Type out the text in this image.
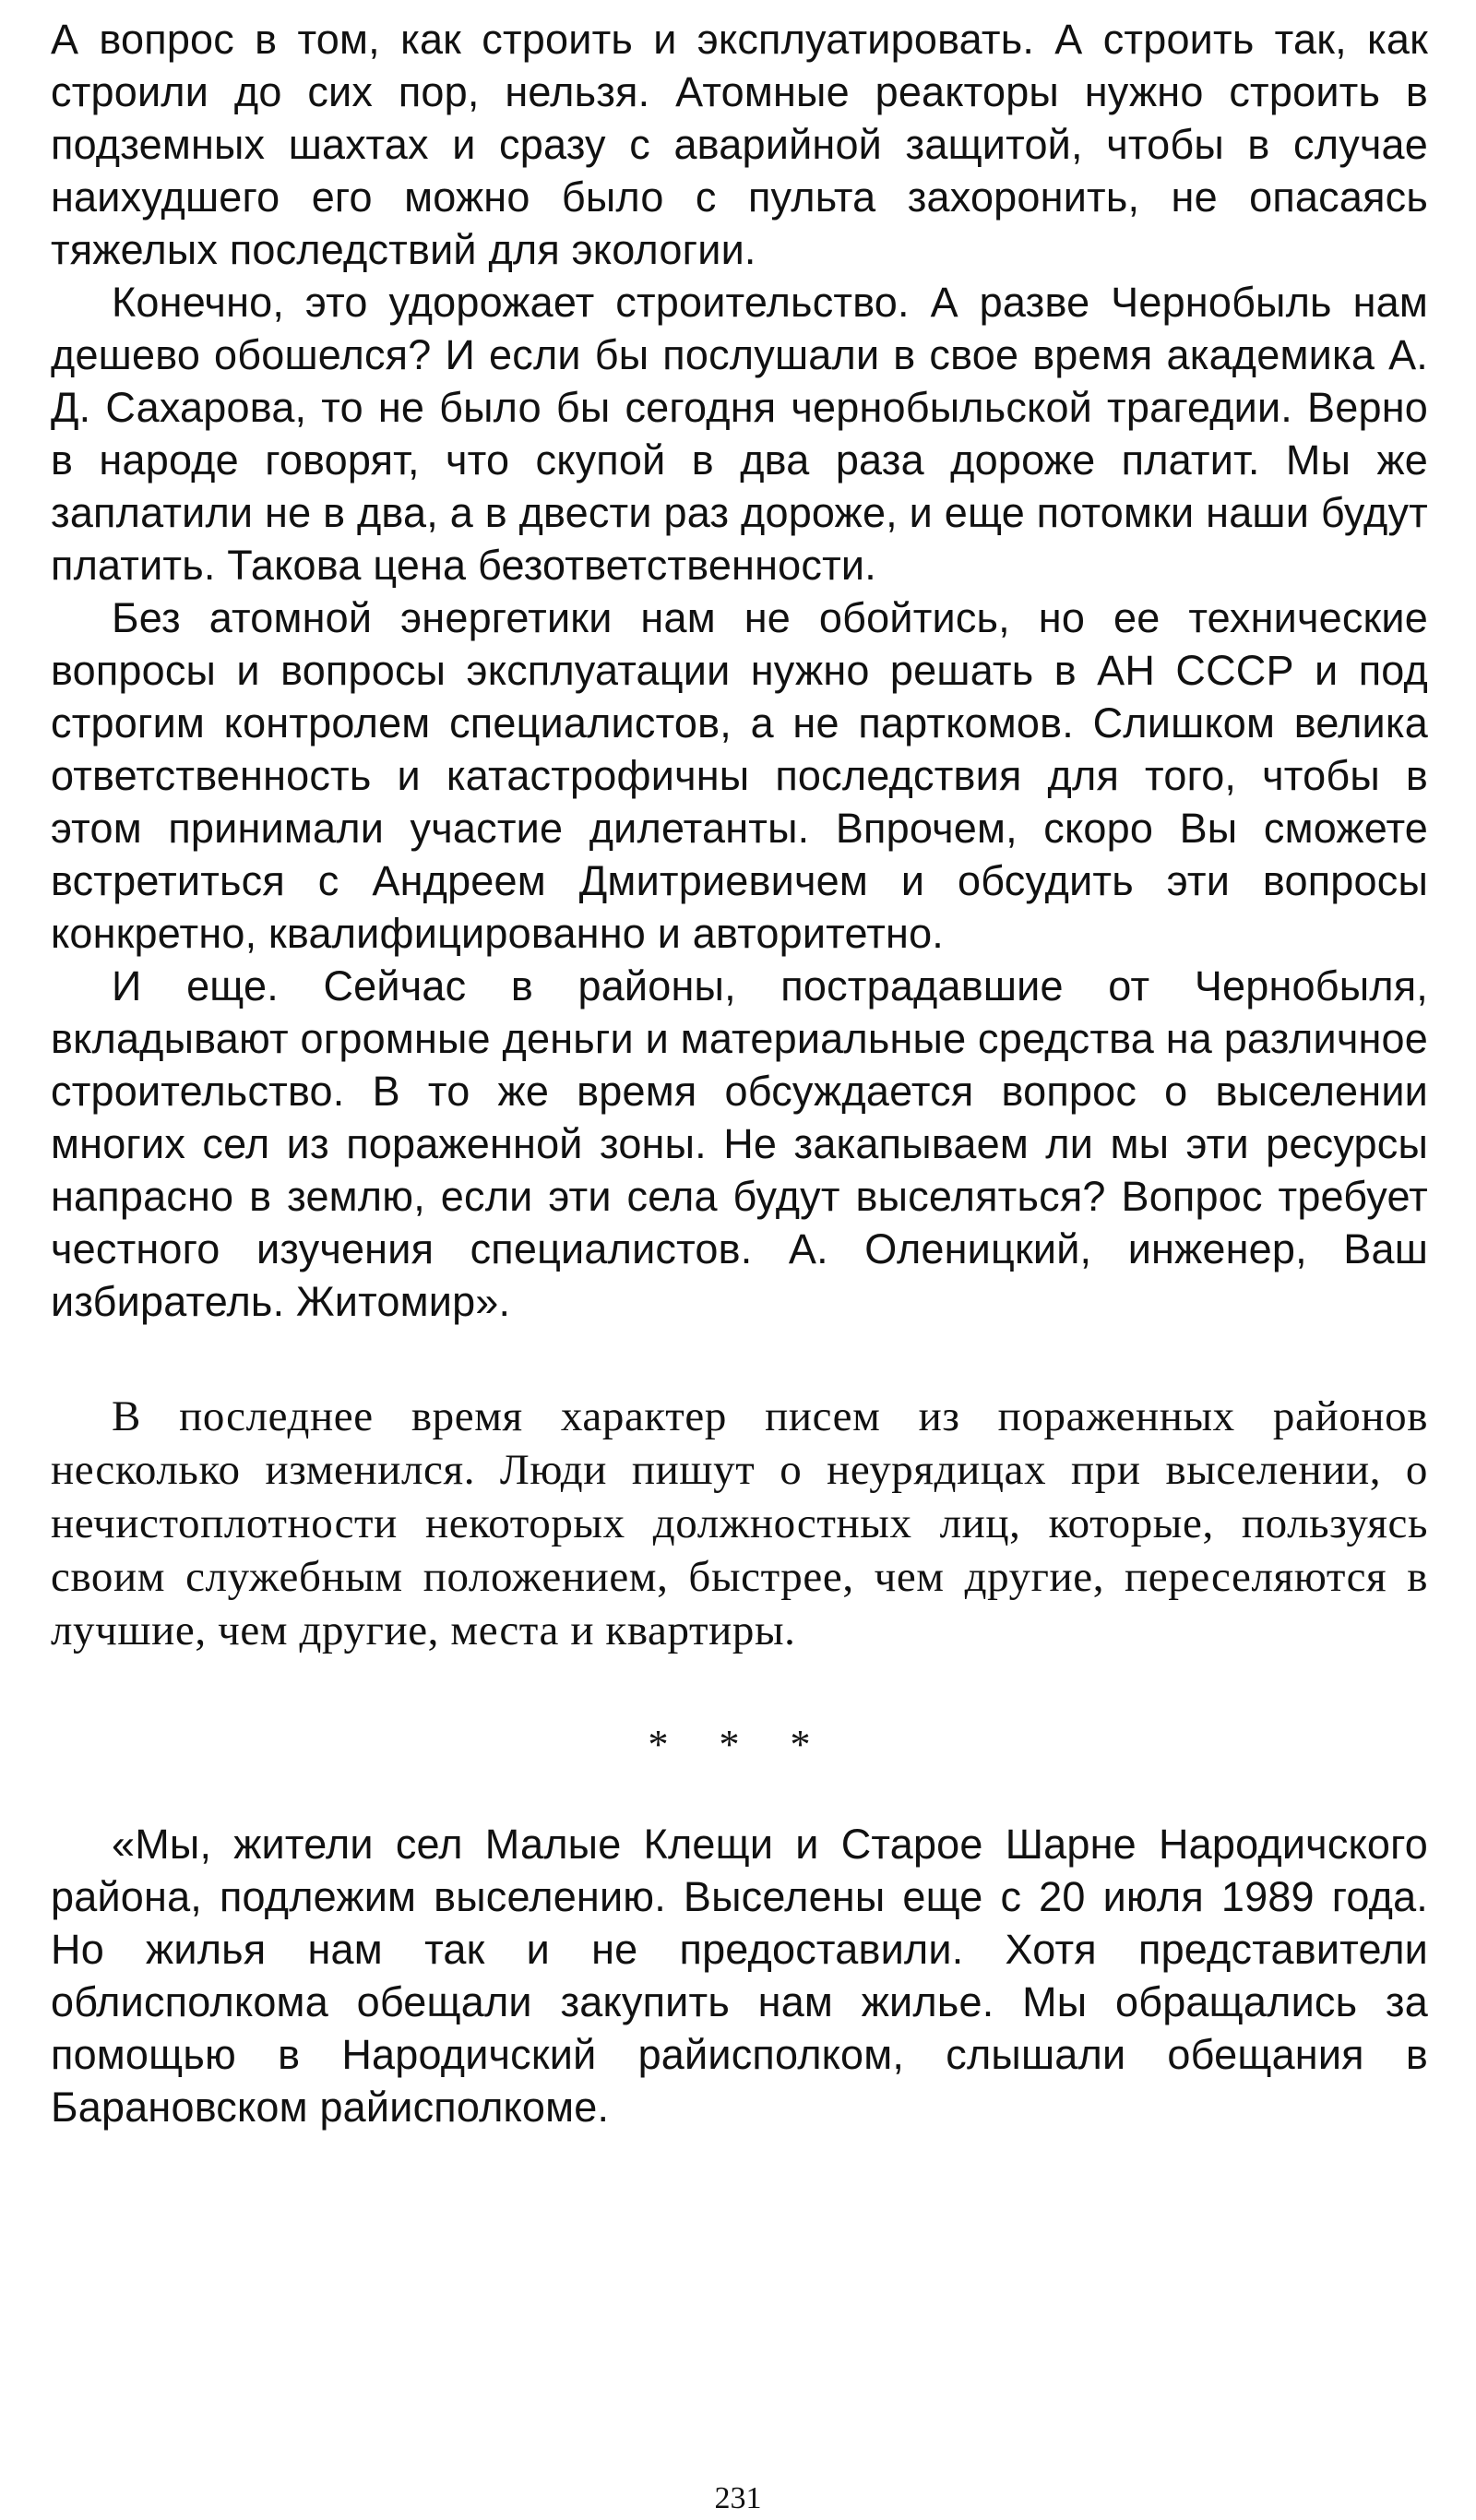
А вопрос в том, как строить и эксплуатировать. А строить так, как строили до сих пор, нельзя. Атомные реакторы нужно строить в подземных шахтах и сразу с аварийной защитой, чтобы в случае наихудшего его можно было с пульта захоронить, не опасаясь тяжелых последствий для экологии.

Конечно, это удорожает строительство. А разве Чернобыль нам дешево обошелся? И если бы послушали в свое время академика А. Д. Сахарова, то не было бы сегодня чернобыльской трагедии. Верно в народе говорят, что скупой в два раза дороже платит. Мы же заплатили не в два, а в двести раз дороже, и еще потомки наши будут платить. Такова цена безответственности.

Без атомной энергетики нам не обойтись, но ее технические вопросы и вопросы эксплуатации нужно решать в АН СССР и под строгим контролем специалистов, а не парткомов. Слишком велика ответственность и катастрофичны последствия для того, чтобы в этом принимали участие дилетанты. Впрочем, скоро Вы сможете встретиться с Андреем Дмитриевичем и обсудить эти вопросы конкретно, квалифицированно и авторитетно.

И еще. Сейчас в районы, пострадавшие от Чернобыля, вкладывают огромные деньги и материальные средства на различное строительство. В то же время обсуждается вопрос о выселении многих сел из пораженной зоны. Не закапываем ли мы эти ресурсы напрасно в землю, если эти села будут выселяться? Вопрос требует честного изучения специалистов. А. Оленицкий, инженер, Ваш избиратель. Житомир».

В последнее время характер писем из пораженных районов несколько изменился. Люди пишут о неурядицах при выселении, о нечистоплотности некоторых должностных лиц, которые, пользуясь своим служебным положением, быстрее, чем другие, переселяются в лучшие, чем другие, места и квартиры.

* * *

«Мы, жители сел Малые Клещи и Старое Шарне Народичского района, подлежим выселению. Выселены еще с 20 июля 1989 года. Но жилья нам так и не предоставили. Хотя представители облисполкома обещали закупить нам жилье. Мы обращались за помощью в Народичский райисполком, слышали обещания в Барановском райисполкоме.

231
